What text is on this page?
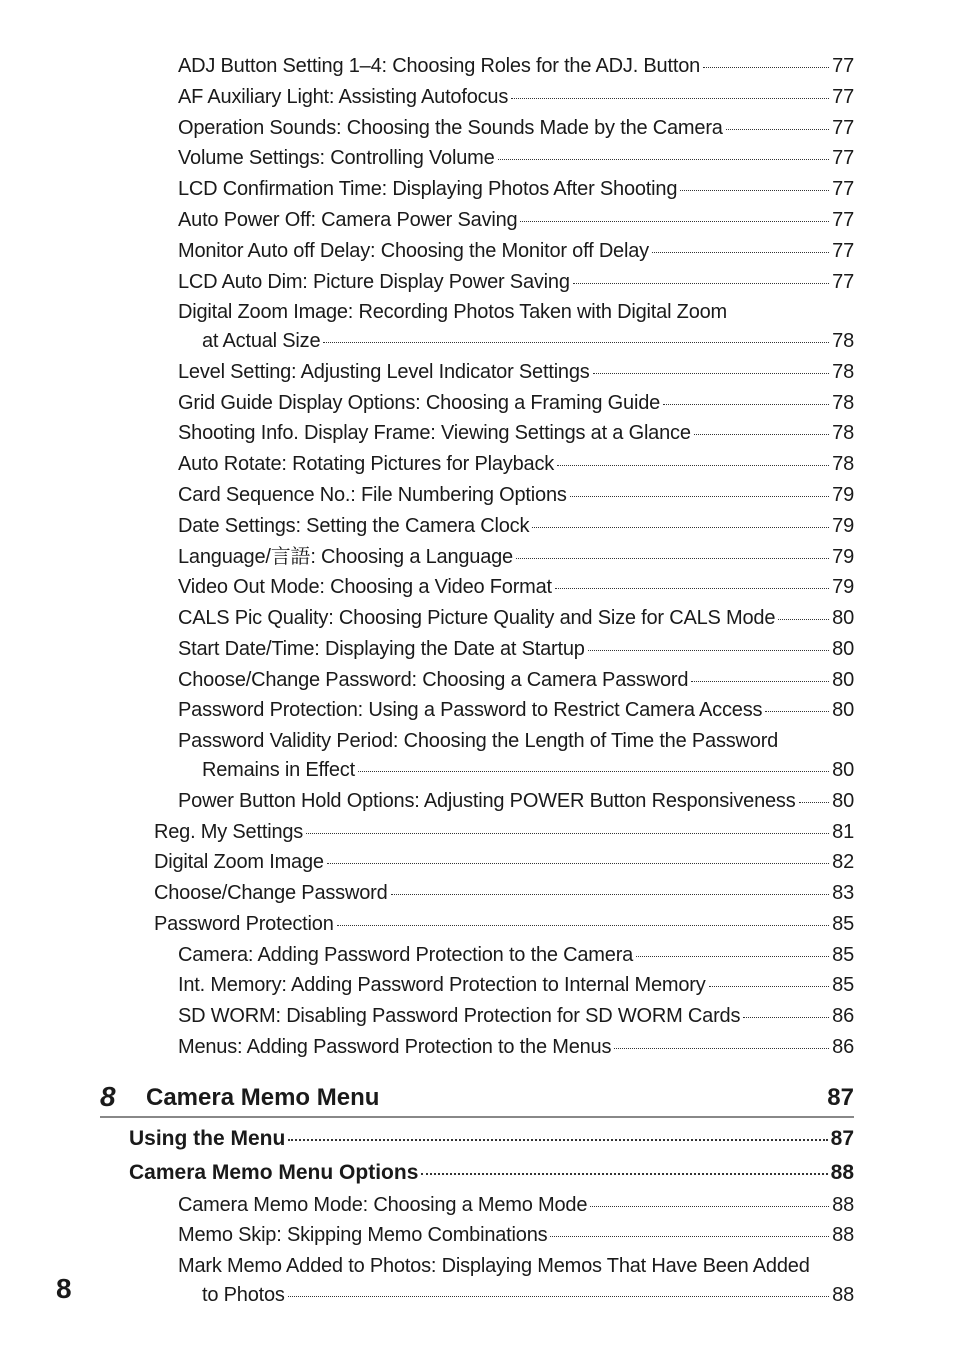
ADJ Button Setting 1–4: Choosing Roles for the ADJ. Button	77
AF Auxiliary Light: Assisting Autofocus	77
Operation Sounds: Choosing the Sounds Made by the Camera	77
Volume Settings: Controlling Volume	77
LCD Confirmation Time: Displaying Photos After Shooting	77
Auto Power Off: Camera Power Saving	77
Monitor Auto off Delay: Choosing the Monitor off Delay	77
LCD Auto Dim: Picture Display Power Saving	77
Digital Zoom Image: Recording Photos Taken with Digital Zoom
at Actual Size	78
Level Setting: Adjusting Level Indicator Settings	78
Grid Guide Display Options: Choosing a Framing Guide	78
Shooting Info. Display Frame: Viewing Settings at a Glance	78
Auto Rotate: Rotating Pictures for Playback	78
Card Sequence No.: File Numbering Options	79
Date Settings: Setting the Camera Clock	79
Language/言語: Choosing a Language	79
Video Out Mode: Choosing a Video Format	79
CALS Pic Quality: Choosing Picture Quality and Size for CALS Mode	80
Start Date/Time: Displaying the Date at Startup	80
Choose/Change Password: Choosing a Camera Password	80
Password Protection: Using a Password to Restrict Camera Access	80
Password Validity Period: Choosing the Length of Time the Password
Remains in Effect	80
Power Button Hold Options: Adjusting POWER Button Responsiveness 80
Reg. My Settings	81
Digital Zoom Image	82
Choose/Change Password	83
Password Protection	85
Camera: Adding Password Protection to the Camera	85
Int. Memory: Adding Password Protection to Internal Memory	85
SD WORM: Disabling Password Protection for SD WORM Cards	86
Menus: Adding Password Protection to the Menus	86
8 Camera Memo Menu	87
Using the Menu	87
Camera Memo Menu Options	88
Camera Memo Mode: Choosing a Memo Mode	88
Memo Skip: Skipping Memo Combinations	88
Mark Memo Added to Photos: Displaying Memos That Have Been Added
to Photos	88
8
